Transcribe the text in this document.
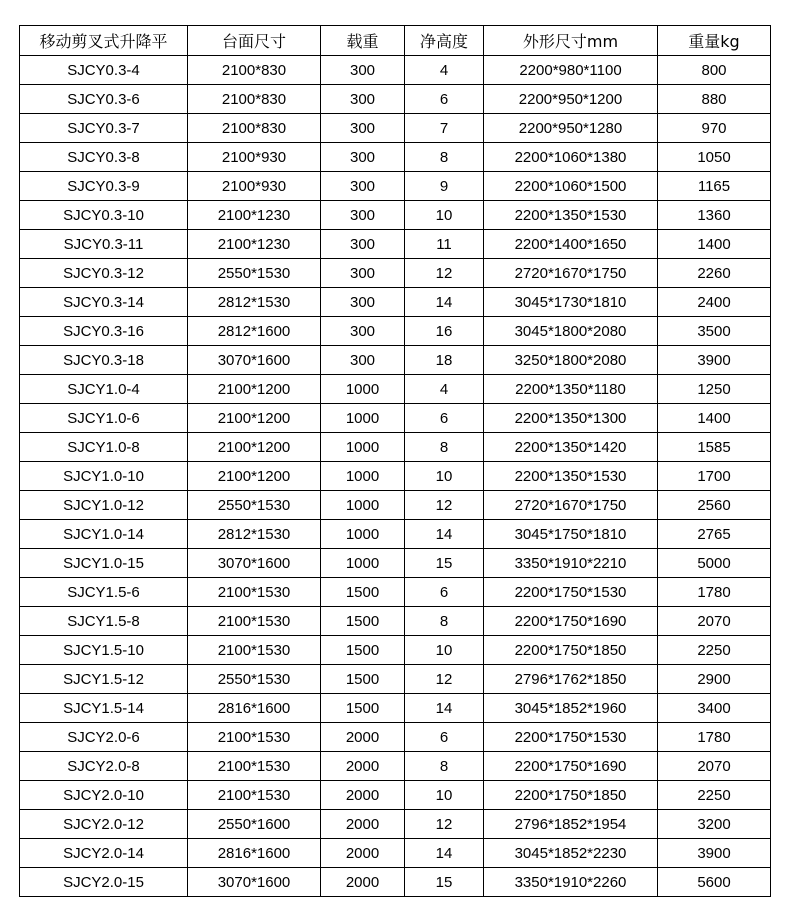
移动剪叉式升降平	台面尺寸	载重	净高度	外形尺寸mm	重量kg
SJCY0.3-4	2100*830	300	4	2200*980*1100	800
SJCY0.3-6	2100*830	300	6	2200*950*1200	880
SJCY0.3-7	2100*830	300	7	2200*950*1280	970
SJCY0.3-8	2100*930	300	8	2200*1060*1380	1050
SJCY0.3-9	2100*930	300	9	2200*1060*1500	1165
SJCY0.3-10	2100*1230	300	10	2200*1350*1530	1360
SJCY0.3-11	2100*1230	300	11	2200*1400*1650	1400
SJCY0.3-12	2550*1530	300	12	2720*1670*1750	2260
SJCY0.3-14	2812*1530	300	14	3045*1730*1810	2400
SJCY0.3-16	2812*1600	300	16	3045*1800*2080	3500
SJCY0.3-18	3070*1600	300	18	3250*1800*2080	3900
SJCY1.0-4	2100*1200	1000	4	2200*1350*1180	1250
SJCY1.0-6	2100*1200	1000	6	2200*1350*1300	1400
SJCY1.0-8	2100*1200	1000	8	2200*1350*1420	1585
SJCY1.0-10	2100*1200	1000	10	2200*1350*1530	1700
SJCY1.0-12	2550*1530	1000	12	2720*1670*1750	2560
SJCY1.0-14	2812*1530	1000	14	3045*1750*1810	2765
SJCY1.0-15	3070*1600	1000	15	3350*1910*2210	5000
SJCY1.5-6	2100*1530	1500	6	2200*1750*1530	1780
SJCY1.5-8	2100*1530	1500	8	2200*1750*1690	2070
SJCY1.5-10	2100*1530	1500	10	2200*1750*1850	2250
SJCY1.5-12	2550*1530	1500	12	2796*1762*1850	2900
SJCY1.5-14	2816*1600	1500	14	3045*1852*1960	3400
SJCY2.0-6	2100*1530	2000	6	2200*1750*1530	1780
SJCY2.0-8	2100*1530	2000	8	2200*1750*1690	2070
SJCY2.0-10	2100*1530	2000	10	2200*1750*1850	2250
SJCY2.0-12	2550*1600	2000	12	2796*1852*1954	3200
SJCY2.0-14	2816*1600	2000	14	3045*1852*2230	3900
SJCY2.0-15	3070*1600	2000	15	3350*1910*2260	5600
